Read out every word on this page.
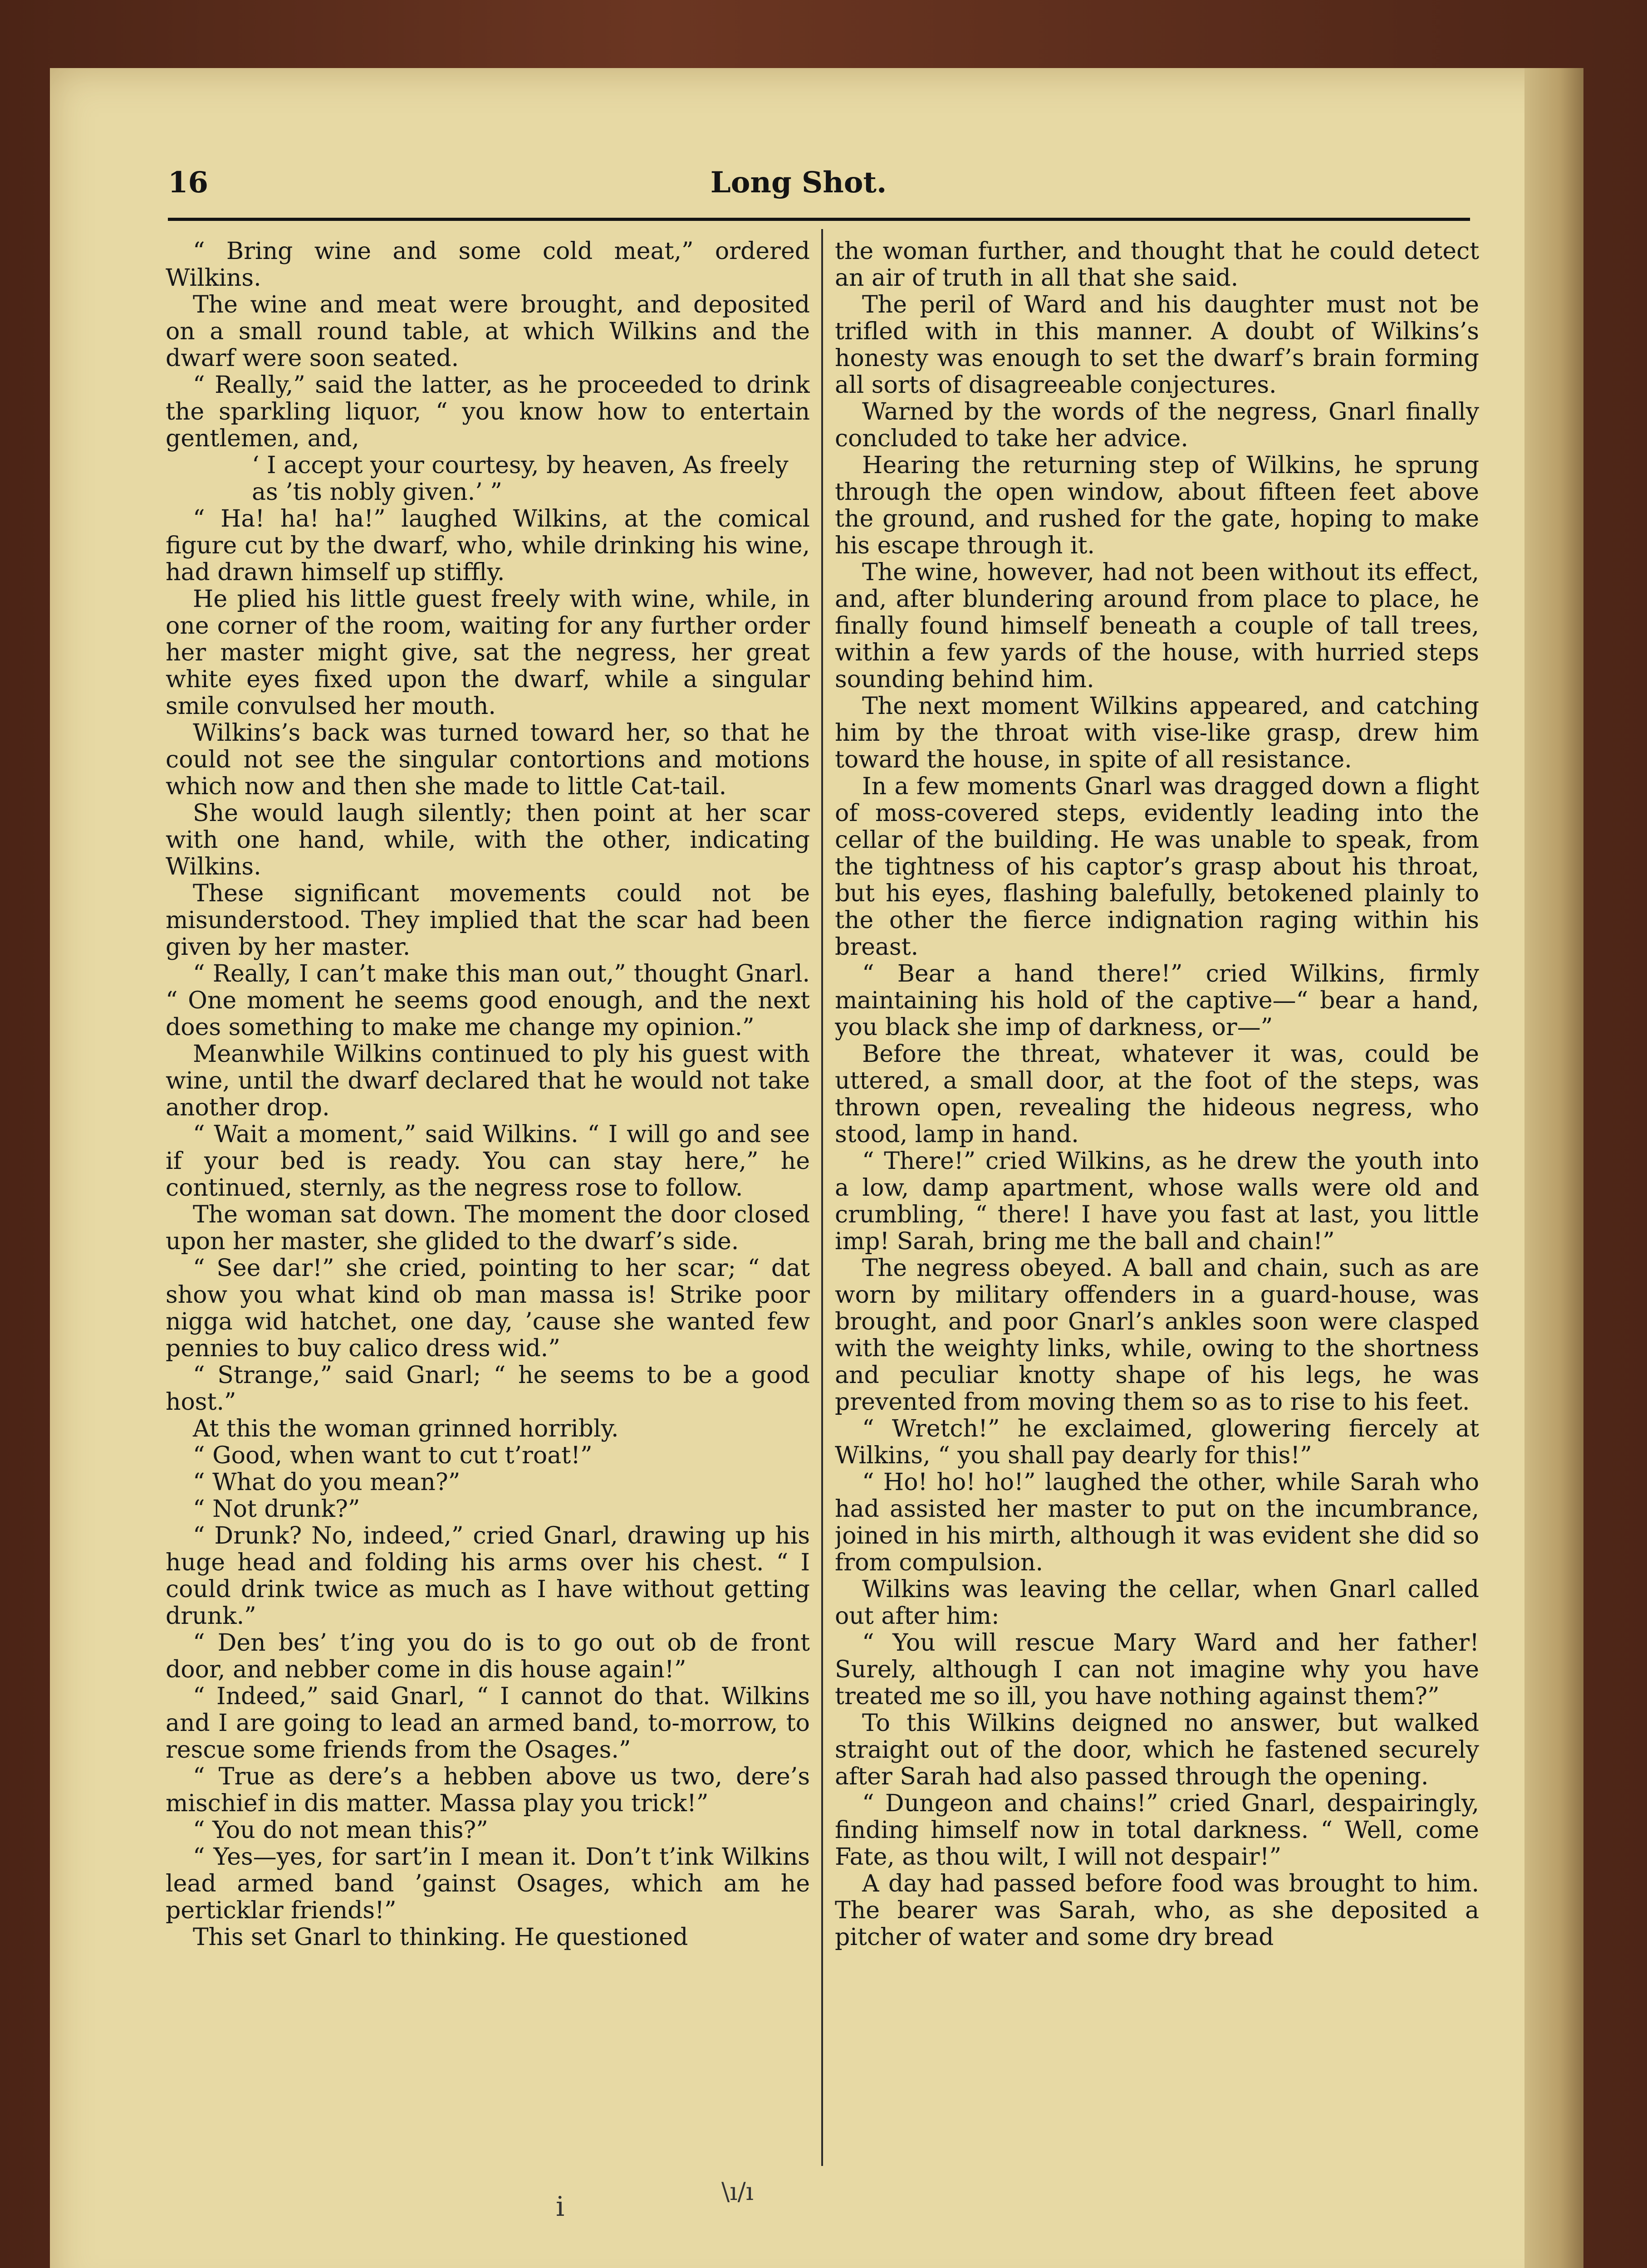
16	Long Shot.

“ Bring wine and some cold meat,” ordered Wilkins.

The wine and meat were brought, and deposited on a small round table, at which Wilkins and the dwarf were soon seated.

“ Really,” said the latter, as he proceeded to drink the sparkling liquor, “ you know how to entertain gentlemen, and,

‘ I accept your courtesy, by heaven, As freely as ’tis nobly given.’ ”

“ Ha! ha! ha!” laughed Wilkins, at the comical figure cut by the dwarf, who, while drinking his wine, had drawn himself up stiffly.

He plied his little guest freely with wine, while, in one corner of the room, waiting for any further order her master might give, sat the negress, her great white eyes fixed upon the dwarf, while a singular smile convulsed her mouth.

Wilkins’s back was turned toward her, so that he could not see the singular contortions and motions which now and then she made to little Cat-tail.

She would laugh silently; then point at her scar with one hand, while, with the other, indicating Wilkins.

These significant movements could not be misunderstood. They implied that the scar had been given by her master.

“ Really, I can’t make this man out,” thought Gnarl. “ One moment he seems good enough, and the next does something to make me change my opinion.”

Meanwhile Wilkins continued to ply his guest with wine, until the dwarf declared that he would not take another drop.

“ Wait a moment,” said Wilkins. “ I will go and see if your bed is ready. You can stay here,” he continued, sternly, as the negress rose to follow.

The woman sat down. The moment the door closed upon her master, she glided to the dwarf’s side.

“ See dar!” she cried, pointing to her scar; “ dat show you what kind ob man massa is! Strike poor nigga wid hatchet, one day, ’cause she wanted few pennies to buy calico dress wid.”

“ Strange,” said Gnarl; “ he seems to be a good host.”

At this the woman grinned horribly.

“ Good, when want to cut t’roat!”

“ What do you mean?”

“ Not drunk?”

“ Drunk? No, indeed,” cried Gnarl, drawing up his huge head and folding his arms over his chest. “ I could drink twice as much as I have without getting drunk.”

“ Den bes’ t’ing you do is to go out ob de front door, and nebber come in dis house again!”

“ Indeed,” said Gnarl, “ I cannot do that. Wilkins and I are going to lead an armed band, to-morrow, to rescue some friends from the Osages.”

“ True as dere’s a hebben above us two, dere’s mischief in dis matter. Massa play you trick!”

“ You do not mean this?”

“ Yes—yes, for sart’in I mean it. Don’t t’ink Wilkins lead armed band ’gainst Osages, which am he perticklar friends!”

This set Gnarl to thinking. He questioned

the woman further, and thought that he could detect an air of truth in all that she said.

The peril of Ward and his daughter must not be trifled with in this manner. A doubt of Wilkins’s honesty was enough to set the dwarf’s brain forming all sorts of disagreeable conjectures.

Warned by the words of the negress, Gnarl finally concluded to take her advice.

Hearing the returning step of Wilkins, he sprung through the open window, about fifteen feet above the ground, and rushed for the gate, hoping to make his escape through it.

The wine, however, had not been without its effect, and, after blundering around from place to place, he finally found himself beneath a couple of tall trees, within a few yards of the house, with hurried steps sounding behind him.

The next moment Wilkins appeared, and catching him by the throat with vise-like grasp, drew him toward the house, in spite of all resistance.

In a few moments Gnarl was dragged down a flight of moss-covered steps, evidently leading into the cellar of the building. He was unable to speak, from the tightness of his captor’s grasp about his throat, but his eyes, flashing balefully, betokened plainly to the other the fierce indignation raging within his breast.

“ Bear a hand there!” cried Wilkins, firmly maintaining his hold of the captive—“ bear a hand, you black she imp of darkness, or—”

Before the threat, whatever it was, could be uttered, a small door, at the foot of the steps, was thrown open, revealing the hideous negress, who stood, lamp in hand.

“ There!” cried Wilkins, as he drew the youth into a low, damp apartment, whose walls were old and crumbling, “ there! I have you fast at last, you little imp! Sarah, bring me the ball and chain!”

The negress obeyed. A ball and chain, such as are worn by military offenders in a guard-house, was brought, and poor Gnarl’s ankles soon were clasped with the weighty links, while, owing to the shortness and peculiar knotty shape of his legs, he was prevented from moving them so as to rise to his feet.

“ Wretch!” he exclaimed, glowering fiercely at Wilkins, “ you shall pay dearly for this!”

“ Ho! ho! ho!” laughed the other, while Sarah who had assisted her master to put on the incumbrance, joined in his mirth, although it was evident she did so from compulsion.

Wilkins was leaving the cellar, when Gnarl called out after him:

“ You will rescue Mary Ward and her father! Surely, although I can not imagine why you have treated me so ill, you have nothing against them?”

To this Wilkins deigned no answer, but walked straight out of the door, which he fastened securely after Sarah had also passed through the opening.

“ Dungeon and chains!” cried Gnarl, despairingly, finding himself now in total darkness. “ Well, come Fate, as thou wilt, I will not despair!”

A day had passed before food was brought to him. The bearer was Sarah, who, as she deposited a pitcher of water and some dry bread

\ı/ı
i
